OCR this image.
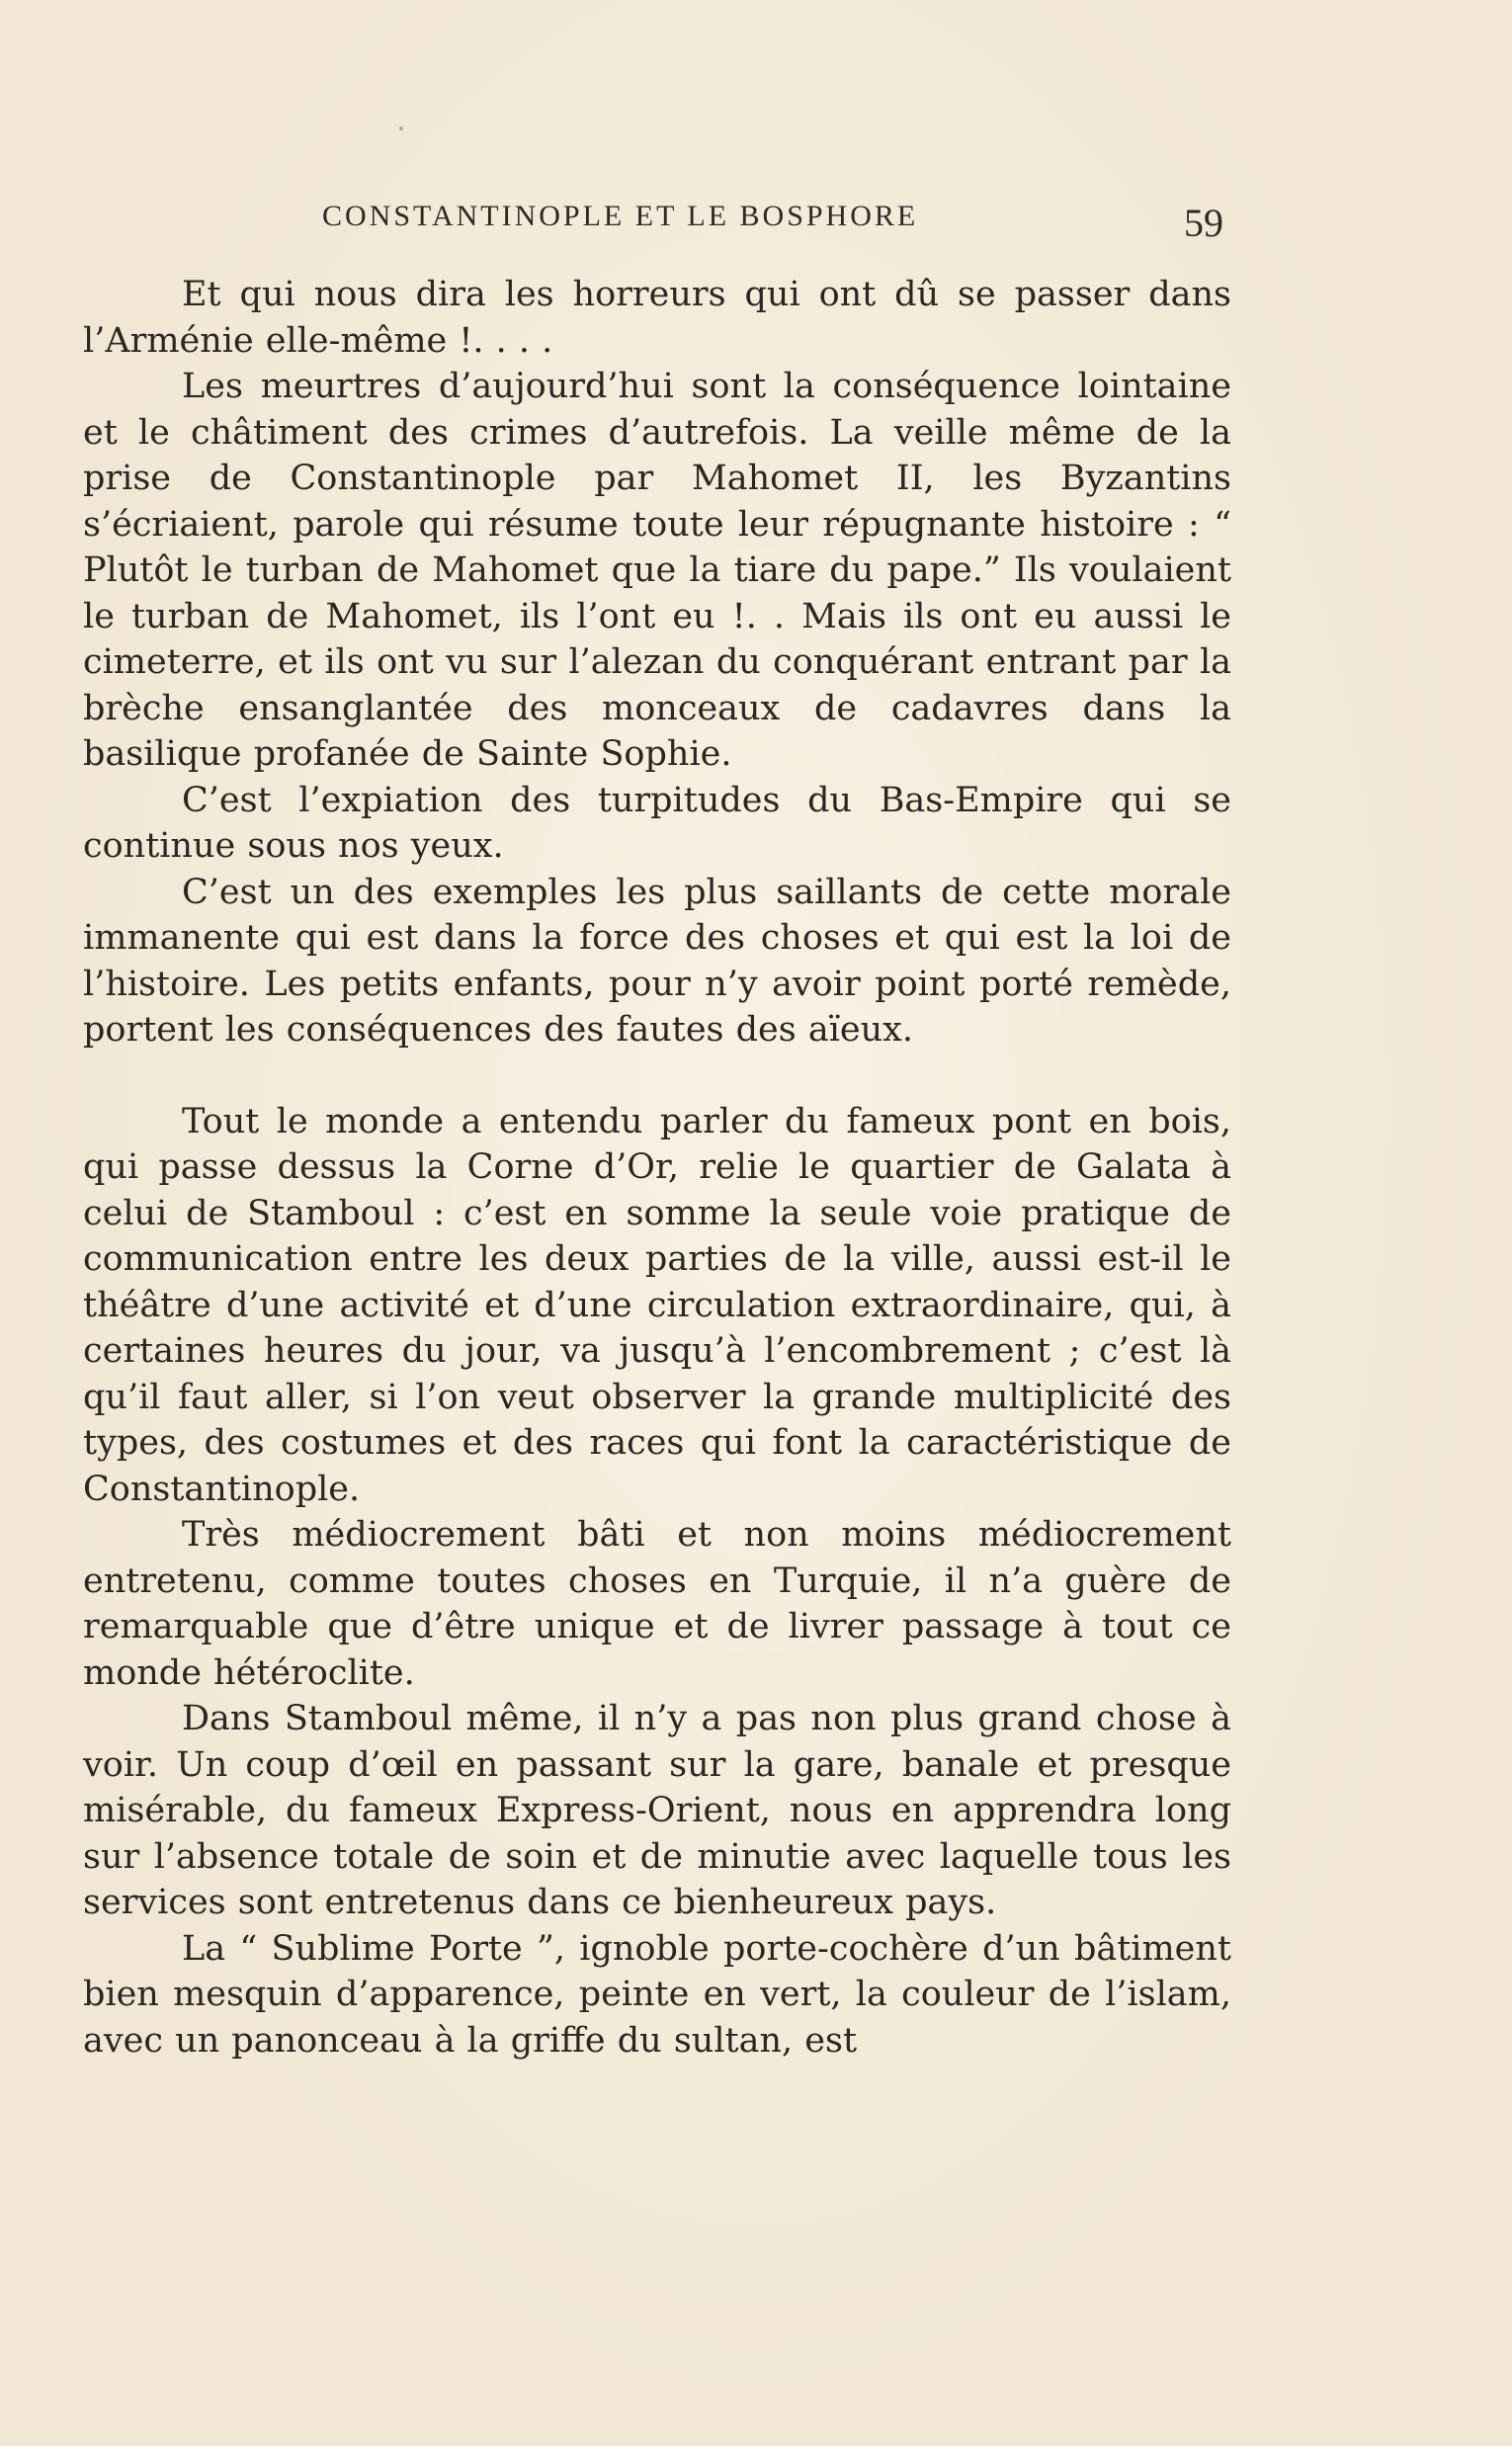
CONSTANTINOPLE ET LE BOSPHORE	59

Et qui nous dira les horreurs qui ont dû se passer dans l’Arménie elle-même !. . . .

Les meurtres d’aujourd’hui sont la conséquence lointaine et le châtiment des crimes d’autrefois. La veille même de la prise de Constantinople par Mahomet II, les Byzantins s’écriaient, parole qui résume toute leur répugnante histoire : “ Plutôt le turban de Mahomet que la tiare du pape.” Ils voulaient le turban de Mahomet, ils l’ont eu !. . Mais ils ont eu aussi le cimeterre, et ils ont vu sur l’alezan du conquérant entrant par la brèche ensanglantée des monceaux de cadavres dans la basilique profanée de Sainte Sophie.

C’est l’expiation des turpitudes du Bas-Empire qui se continue sous nos yeux.

C’est un des exemples les plus saillants de cette morale immanente qui est dans la force des choses et qui est la loi de l’histoire. Les petits enfants, pour n’y avoir point porté remède, portent les conséquences des fautes des aïeux.

Tout le monde a entendu parler du fameux pont en bois, qui passe dessus la Corne d’Or, relie le quartier de Galata à celui de Stamboul : c’est en somme la seule voie pratique de communication entre les deux parties de la ville, aussi est-il le théâtre d’une activité et d’une circulation extraordinaire, qui, à certaines heures du jour, va jusqu’à l’encombrement ; c’est là qu’il faut aller, si l’on veut observer la grande multiplicité des types, des costumes et des races qui font la caractéristique de Constantinople.

Très médiocrement bâti et non moins médiocrement entretenu, comme toutes choses en Turquie, il n’a guère de remarquable que d’être unique et de livrer passage à tout ce monde hétéroclite.

Dans Stamboul même, il n’y a pas non plus grand chose à voir. Un coup d’œil en passant sur la gare, banale et presque misérable, du fameux Express-Orient, nous en apprendra long sur l’absence totale de soin et de minutie avec laquelle tous les services sont entretenus dans ce bienheureux pays.

La “ Sublime Porte ”, ignoble porte-cochère d’un bâtiment bien mesquin d’apparence, peinte en vert, la couleur de l’islam, avec un panonceau à la griffe du sultan, est
